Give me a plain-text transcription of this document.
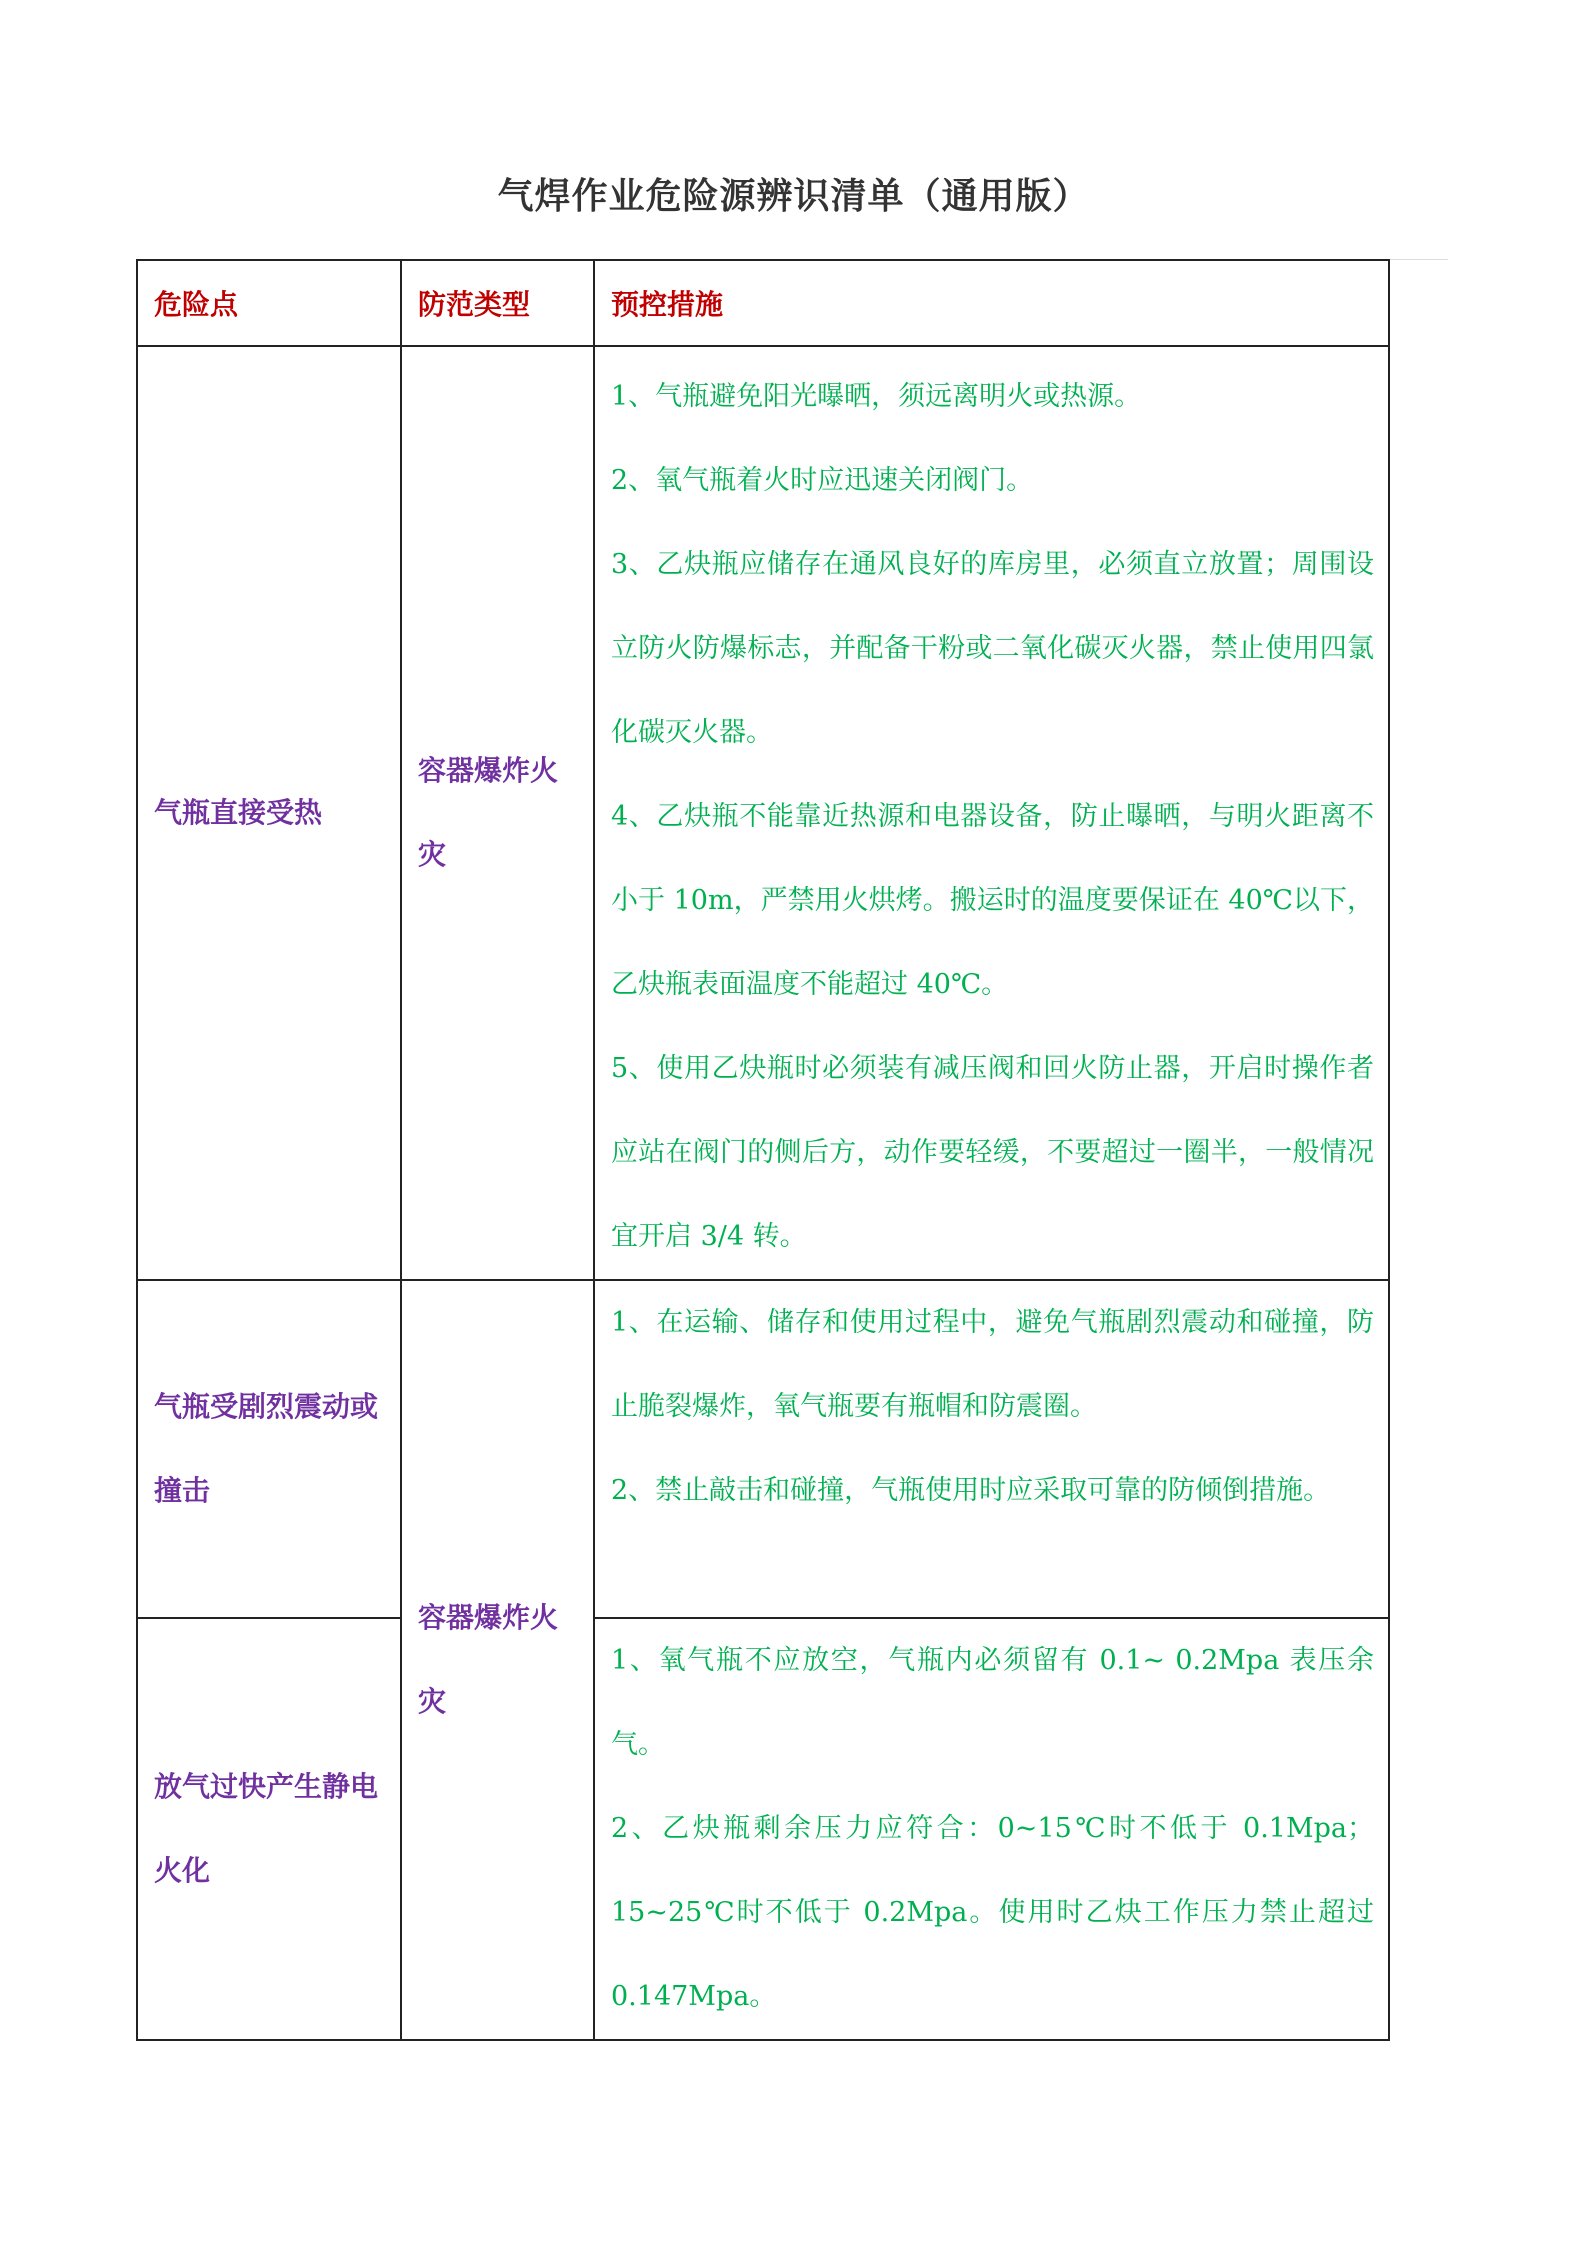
气焊作业危险源辨识清单（通用版）
危险点	防范类型	预控措施
气瓶直接受热	容器爆炸火灾	1、气瓶避免阳光曝晒，须远离明火或热源。

2、氧气瓶着火时应迅速关闭阀门。

3、乙炔瓶应储存在通风良好的库房里，必须直立放置；周围设立防火防爆标志，并配备干粉或二氧化碳灭火器，禁止使用四氯化碳灭火器。

4、乙炔瓶不能靠近热源和电器设备，防止曝晒，与明火距离不小于 10m，严禁用火烘烤。搬运时的温度要保证在 40℃以下，乙炔瓶表面温度不能超过 40℃。

5、使用乙炔瓶时必须装有减压阀和回火防止器，开启时操作者应站在阀门的侧后方，动作要轻缓，不要超过一圈半，一般情况宜开启 3/4 转。

气瓶受剧烈震动或撞击	容器爆炸火灾	1、在运输、储存和使用过程中，避免气瓶剧烈震动和碰撞，防止脆裂爆炸，氧气瓶要有瓶帽和防震圈。

2、禁止敲击和碰撞，气瓶使用时应采取可靠的防倾倒措施。

放气过快产生静电火化		1、氧气瓶不应放空，气瓶内必须留有 0.1~ 0.2Mpa 表压余气。

2、乙炔瓶剩余压力应符合：0~15℃时不低于 0.1Mpa；15~25℃时不低于 0.2Mpa。使用时乙炔工作压力禁止超过 0.147Mpa。
